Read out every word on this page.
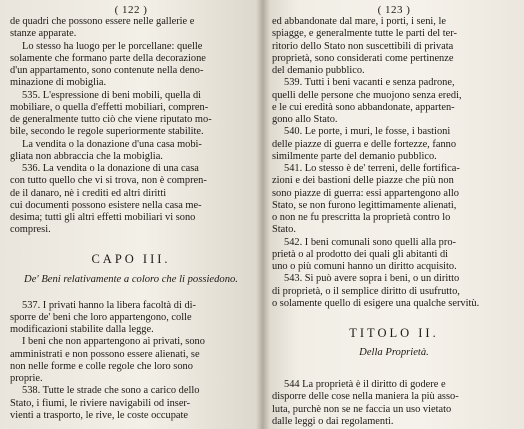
( 122 )
de quadri che possono essere nelle gallerie e
stanze apparate.
Lo stesso ha luogo per le porcellane: quelle
solamente che formano parte della decorazione
d'un appartamento, sono contenute nella deno-
minazione di mobiglia.
535. L'espressione di beni mobili, quella di
mobiliare, o quella d'effetti mobiliari, compren-
de generalmente tutto ciò che viene riputato mo-
bile, secondo le regole superiormente stabilite.
La vendita o la donazione d'una casa mobi-
gliata non abbraccia che la mobiglia.
536. La vendita o la donazione di una casa
con tutto quello che vi si trova, non è compren-
de il danaro, nè i crediti ed altri diritti
cui documenti possono esistere nella casa me-
desima; tutti gli altri effetti mobiliari vi sono
compresi.
CAPO III.
De' Beni relativamente a coloro che li possiedono.
537. I privati hanno la libera facoltà di di-
sporre de' beni che loro appartengono, colle
modificazioni stabilite dalla legge.
I beni che non appartengono ai privati, sono
amministrati e non possono essere alienati, se
non nelle forme e colle regole che loro sono
proprie.
538. Tutte le strade che sono a carico dello
Stato, i fiumi, le riviere navigabili od inser-
vienti a trasporto, le rive, le coste occupate
( 123 )
ed abbandonate dal mare, i porti, i seni, le
spiagge, e generalmente tutte le parti del ter-
ritorio dello Stato non suscettibili di privata
proprietà, sono considerati come pertinenze
del demanio pubblico.
539. Tutti i beni vacanti e senza padrone,
quelli delle persone che muojono senza eredi,
e le cui eredità sono abbandonate, apparten-
gono allo Stato.
540. Le porte, i muri, le fosse, i bastioni
delle piazze di guerra e delle fortezze, fanno
similmente parte del demanio pubblico.
541. Lo stesso è de' terreni, delle fortifica-
zioni e dei bastioni delle piazze che più non
sono piazze di guerra: essi appartengono allo
Stato, se non furono legittimamente alienati,
o non ne fu prescritta la proprietà contro lo
Stato.
542. I beni comunali sono quelli alla pro-
prietà o al prodotto dei quali gli abitanti di
uno o più comuni hanno un diritto acquisito.
543. Si può avere sopra i beni, o un diritto
di proprietà, o il semplice diritto di usufrutto,
o solamente quello di esigere una qualche servitù.
TITOLO II.
Della Proprietà.
544 La proprietà è il diritto di godere e
disporre delle cose nella maniera la più asso-
luta, purchè non se ne faccia un uso vietato
dalle leggi o dai regolamenti.
